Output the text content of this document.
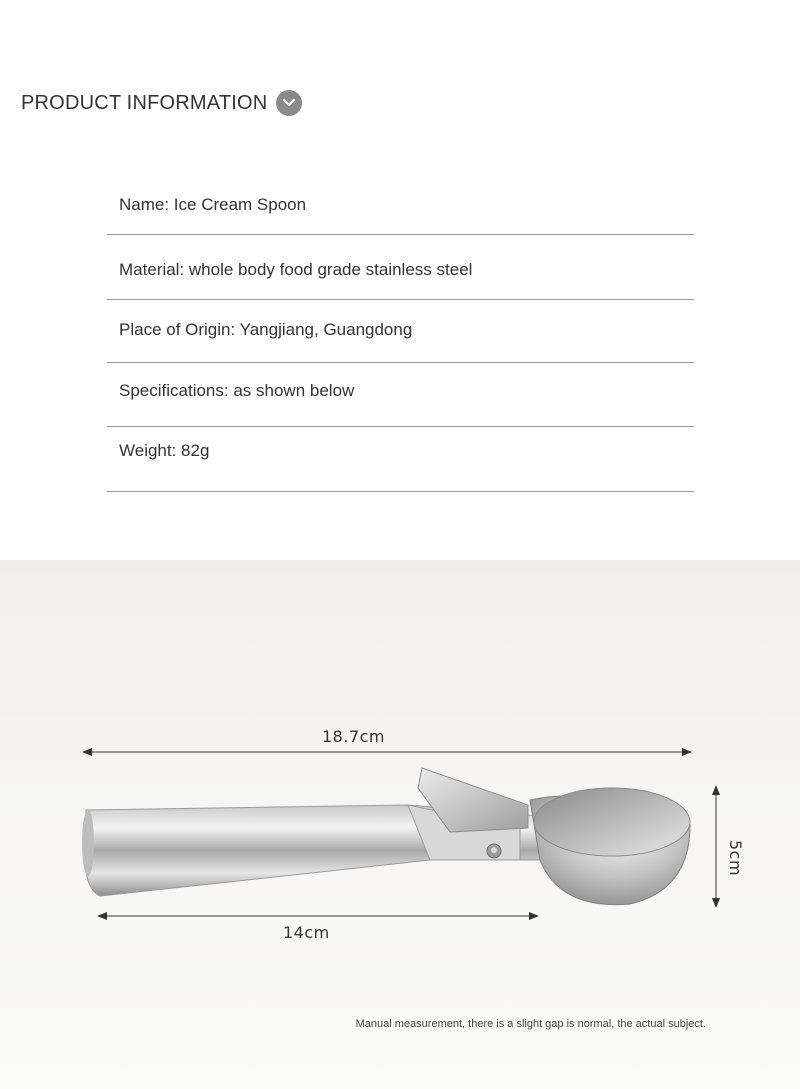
PRODUCT INFORMATION
Name: Ice Cream Spoon
Material: whole body food grade stainless steel
Place of Origin: Yangjiang, Guangdong
Specifications: as shown below
Weight: 82g
18.7cm
14cm
5cm
Manual measurement, there is a slight gap is normal, the actual subject.
